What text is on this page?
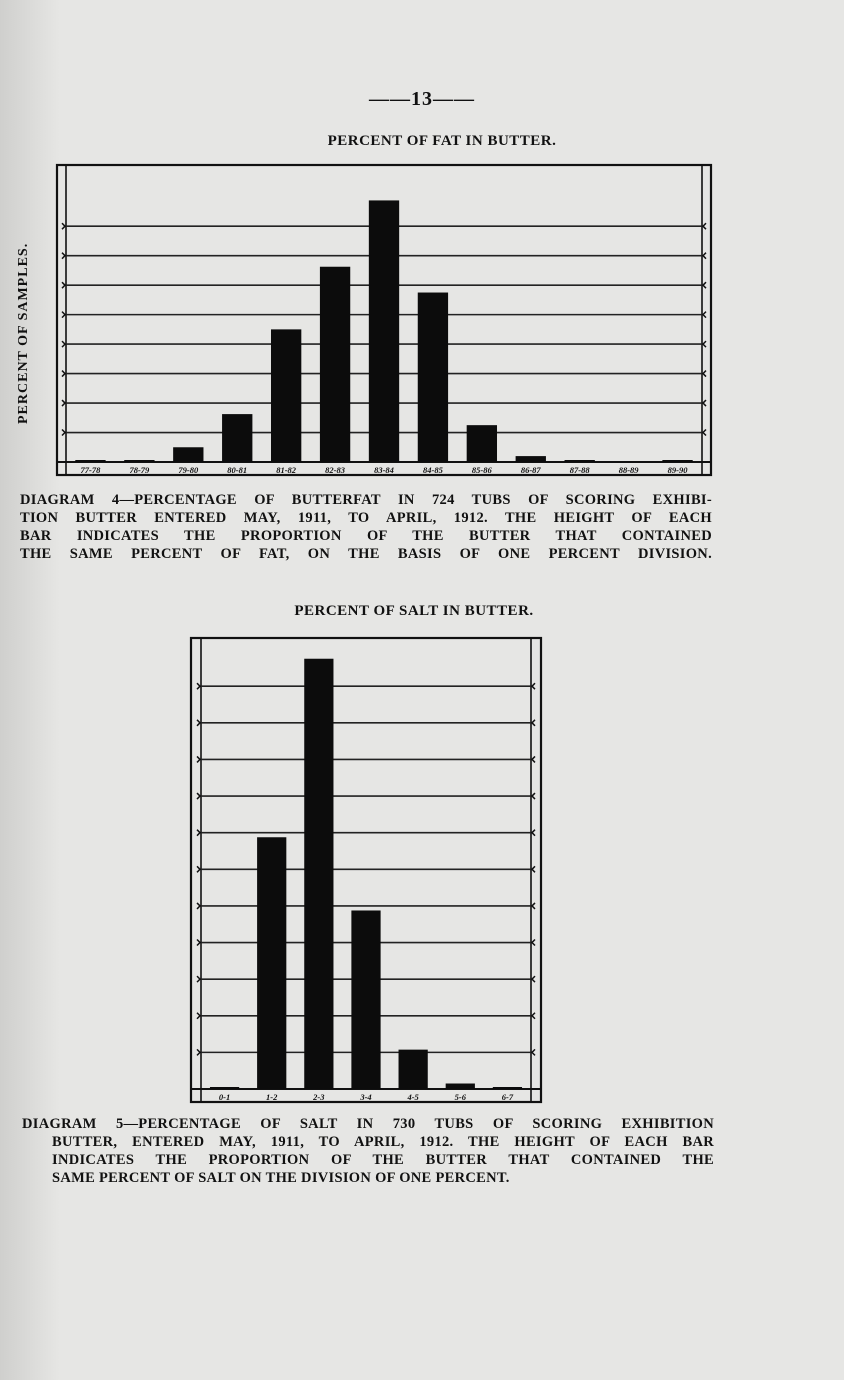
——13——
PERCENT OF FAT IN BUTTER.
PERCENT OF SAMPLES.
77-78	78-79	79-80	80-81	81-82	82-83	83-84	84-85	85-86	86-87	87-88	88-89	89-90
DIAGRAM 4—PERCENTAGE OF BUTTERFAT IN 724 TUBS OF SCORING EXHIBI-
TION BUTTER ENTERED MAY, 1911, TO APRIL, 1912. THE HEIGHT OF EACH
BAR INDICATES THE PROPORTION OF THE BUTTER THAT CONTAINED
THE SAME PERCENT OF FAT, ON THE BASIS OF ONE PERCENT DIVISION.
PERCENT OF SALT IN BUTTER.
0-1	1-2	2-3	3-4	4-5	5-6	6-7
DIAGRAM 5—PERCENTAGE OF SALT IN 730 TUBS OF SCORING EXHIBITION
BUTTER, ENTERED MAY, 1911, TO APRIL, 1912. THE HEIGHT OF EACH BAR
INDICATES THE PROPORTION OF THE BUTTER THAT CONTAINED THE
SAME PERCENT OF SALT ON THE DIVISION OF ONE PERCENT.
